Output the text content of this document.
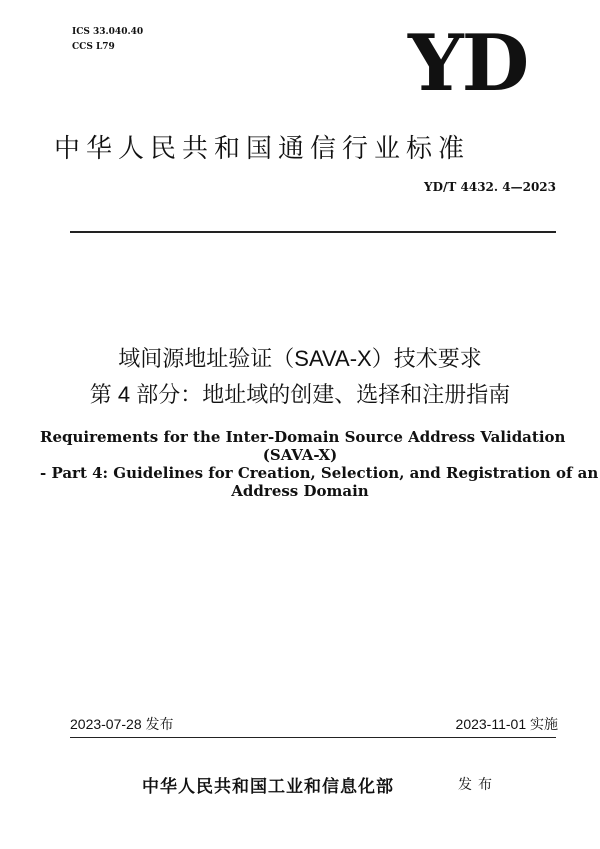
ICS 33.040.40
CCS L79	YD
中华人民共和国通信行业标准
YD/T 4432. 4—2023
域间源地址验证（SAVA-X）技术要求
第 4 部分：地址域的创建、选择和注册指南
Requirements for the Inter-Domain Source Address Validation
(SAVA-X)
- Part 4: Guidelines for Creation, Selection, and Registration of an
Address Domain
2023-07-28 发布	2023-11-01 实施
中华人民共和国工业和信息化部	发布
